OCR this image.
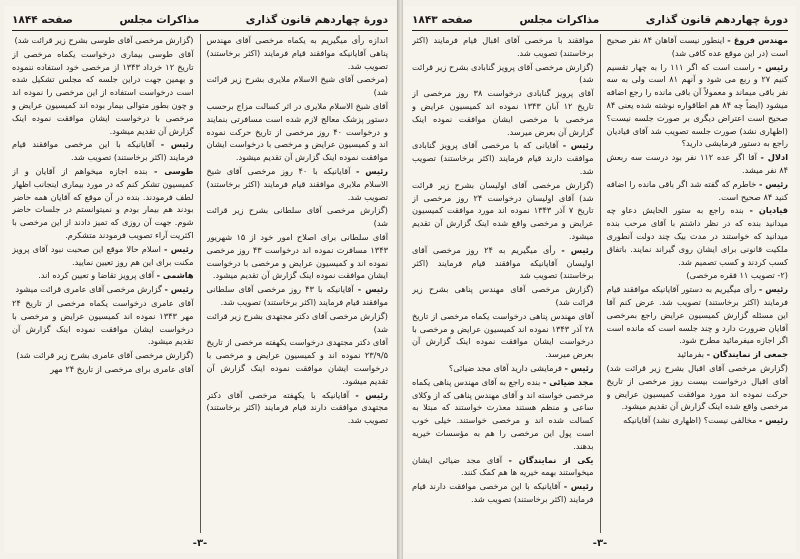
دورهٔ چهاردهم قانون گذاری
مذاکرات مجلس
صفحه ۱۸۴۴

اندازه رأی میگیریم به یکماه مرخصی آقای مهندس پناهی آقایانیکه موافقند قیام فرمایند (اکثر برخاستند) تصویب شد.

(مرخصی آقای شیخ الاسلام ملایری بشرح زیر قرائت شد)

آقای شیخ الاسلام ملایری در اثر کسالت مزاج برحسب دستور پزشک معالج لازم شده است مسافرتی بنمایند و درخواست ۴۰ روز مرخصی از تاریخ حرکت نموده اند و کمیسیون عرایض و مرخصی با درخواست ایشان موافقت نموده اینک گزارش آن تقدیم میشود.

رئیس - آقایانیکه با ۴۰ روز مرخصی آقای شیخ الاسلام ملایری موافقند قیام فرمایند (اکثر برخاستند) تصویب شد.

(گزارش مرخصی آقای سلطانی بشرح زیر قرائت شد)

آقای سلطانی برای اصلاح امور خود از ۱۵ شهریور ۱۳۴۳ مسافرت نموده اند درخواست ۴۳ روز مرخصی نموده اند و کمیسیون عرایض و مرخصی با درخواست ایشان موافقت نموده اینک گزارش آن تقدیم میشود.

رئیس - آقایانیکه با ۴۳ روز مرخصی آقای سلطانی موافقند قیام فرمایند (اکثر برخاستند) تصویب شد.

(گزارش مرخصی آقای دکتر مجتهدی بشرح زیر قرائت شد)

آقای دکتر مجتهدی درخواست یکهفته مرخصی از تاریخ ۲۳/۹/۵ نموده اند و کمیسیون عرایض و مرخصی با درخواست ایشان موافقت نموده اینک گزارش آن تقدیم میشود.

رئیس - آقایانیکه با یکهفته مرخصی آقای دکتر مجتهدی موافقت دارند قیام فرمایند (اکثر برخاستند) تصویب شد.

(گزارش مرخصی آقای طوسی بشرح زیر قرائت شد)

آقای طوسی بیماری درخواست یکماه مرخصی از تاریخ ۱۲ خرداد ۱۳۴۳ از مرخصی خود استفاده ننموده و بهمین جهت دراین جلسه که مجلس تشکیل شده است درخواست استفاده از این مرخصی را نموده اند و چون بطور متوالی بیمار بوده اند کمیسیون عرایض و مرخصی با درخواست ایشان موافقت نموده اینک گزارش آن تقدیم میشود.

رئیس - آقایانیکه با این مرخصی موافقند قیام فرمایند (اکثر برخاستند) تصویب شد.

طوسی - بنده اجازه میخواهم از آقایان و از کمیسیون تشکر کنم که در مورد بیماری اینجانب اظهار لطف فرمودند. بنده در آن موقع که آقایان همه حاضر بودند هم بیمار بودم و نمیتوانستم در جلسات حاضر شوم. جهت آن روزی که تمیز دادند از این مرخصی با اکثریت آراء تصویب فرمودند متشکرم.

رئیس - اسلام حالا موقع این صحبت نبود آقای پرویز مکنت برای این هم روز تعیین نمایید.

هاشمی - آقای پرویز تقاضا و تعیین کرده اند.

رئیس - گزارش مرخصی آقای عامری قرائت میشود

آقای عامری درخواست یکماه مرخصی از تاریخ ۲۴ مهر ۱۳۴۳ نموده اند کمیسیون عرایض و مرخصی با درخواست ایشان موافقت نموده اینک گزارش آن تقدیم میشود.

(گزارش مرخصی آقای عامری بشرح زیر قرائت شد)

آقای عامری برای مرخصی از تاریخ ۲۴ مهر

-۳-
دورهٔ چهاردهم قانون گذاری
مذاکرات مجلس
صفحه ۱۸۴۳

مهندس فروغ - اینطور نیست آقاهان ۸۴ نفر صحیح است (در این موقع عده کافی شد)

رئیس - راست است که اگر ۱۱۱ را به چهار تقسیم کنیم ۲۷ و ربع می شود و آنهم ۸۱ است ولی به سه نفر باقی میماند و معمولاً آن باقی مانده را رجع اضافه میشود (ایضاً چه ۸۴ هم اطاقواره نوشته شده یعنی ۸۴ صحیح است اعتراض دیگری بر صورت جلسه نیست؟ (اظهاری نشد) صورت جلسه تصویب شد آقای قیادیان راجع به دستور فرمایشی دارید؟

ادلال - آقا اگر عده ۱۱۲ نفر بود درست سه ربعش ۸۴ نفر میشد.

رئیس - خاطرم که گفته شد اگر باقی مانده را اضافه کنید ۸۴ صحیح است.

قیادیان - بنده راجع به ستور الحایش دعاو چه میدانید بنده که در نظر داشتم با آقای مرحب بنده میدانید که خواستند در مدت بیک چند دولت آنطوری ملکیت قانونی برای ایشان روی گیراند نمایند. باتفاق کسب کردند و کسب تصمیم شد.

(۲- تصویب ۱۱ فقره مرخصی)

رئیس - رأی میگیریم به دستور آقایانیکه موافقند قیام فرمایند (اکثر برخاستند) تصویب شد. عرض کنم آقا این مسئله گزارش کمیسیون عرایض راجع بمرخصی آقایان ضرورت دارد و چند جلسه است که مانده است اگر اجازه میفرمائید مطرح شود.

جمعی از نمایندگان - بفرمائید

(گزارش مرخصی آقای اقبال بشرح زیر قرائت شد) آقای اقبال درخواست بیست روز مرخصی از تاریخ حرکت نموده اند مورد موافقت کمیسیون عرایض و مرخصی واقع شده اینک گزارش آن تقدیم میشود.

رئیس - مخالفی نیست؟ (اظهاری نشد) آقایانیکه

موافقند با مرخصی آقای اقبال قیام فرمایند (اکثر برخاستند) تصویب شد.

(گزارش مرخصی آقای پرویز گنابادی بشرح زیر قرائت شد)

آقای پرویز گنابادی درخواست ۳۸ روز مرخصی از تاریخ ۱۲ آبان ۱۳۴۳ نموده اند کمیسیون عرایض و مرخصی با مرخصی ایشان موافقت نموده اینک گزارش آن بعرض میرسد.

رئیس - آقایانی که با مرخصی آقای پرویز گنابادی موافقت دارند قیام فرمایند (اکثر برخاستند) تصویب شد.

(گزارش مرخصی آقای اولیسان بشرح زیر قرائت شد) آقای اولیسان درخواست ۲۴ روز مرخصی از تاریخ ۷ آذر ۱۳۴۳ نموده اند مورد موافقت کمیسیون عرایض و مرخصی واقع شده اینک گزارش آن تقدیم میشود.

رئیس - رأی میگیریم به ۲۴ روز مرخصی آقای اولیسان آقایانیکه موافقند قیام فرمایند (اکثر برخاستند) تصویب شد

(گزارش مرخصی آقای مهندس پناهی بشرح زیر قرائت شد)

آقای مهندس پناهی درخواست یکماه مرخصی از تاریخ ۲۸ آذر ۱۳۴۳ نموده اند کمیسیون عرایض و مرخصی با درخواست ایشان موافقت نموده اینک گزارش آن بعرض میرسد.

رئیس - فرمایشی دارید آقای مجد ضیائی؟

مجد ضیائی - بنده راجع به آقای مهندس پناهی یکماه مرخصی خواسته اند و آقای مهندس پناهی که از وکلای ساعی و منظم هستند معذرت خواستند که مبتلا به کسالت شده اند و مرخصی خواستند. خیلی خوب است پول این مرخصی را هم به مؤسسات خیریه بدهند.

یکی از نمایندگان - آقای مجد ضیائی ایشان میخواستند بهمه خیریه ها هم کمک کنند.

رئیس - آقایانیکه با این مرخصی موافقت دارند قیام فرمایند (اکثر برخاستند) تصویب شد.

-۳-
